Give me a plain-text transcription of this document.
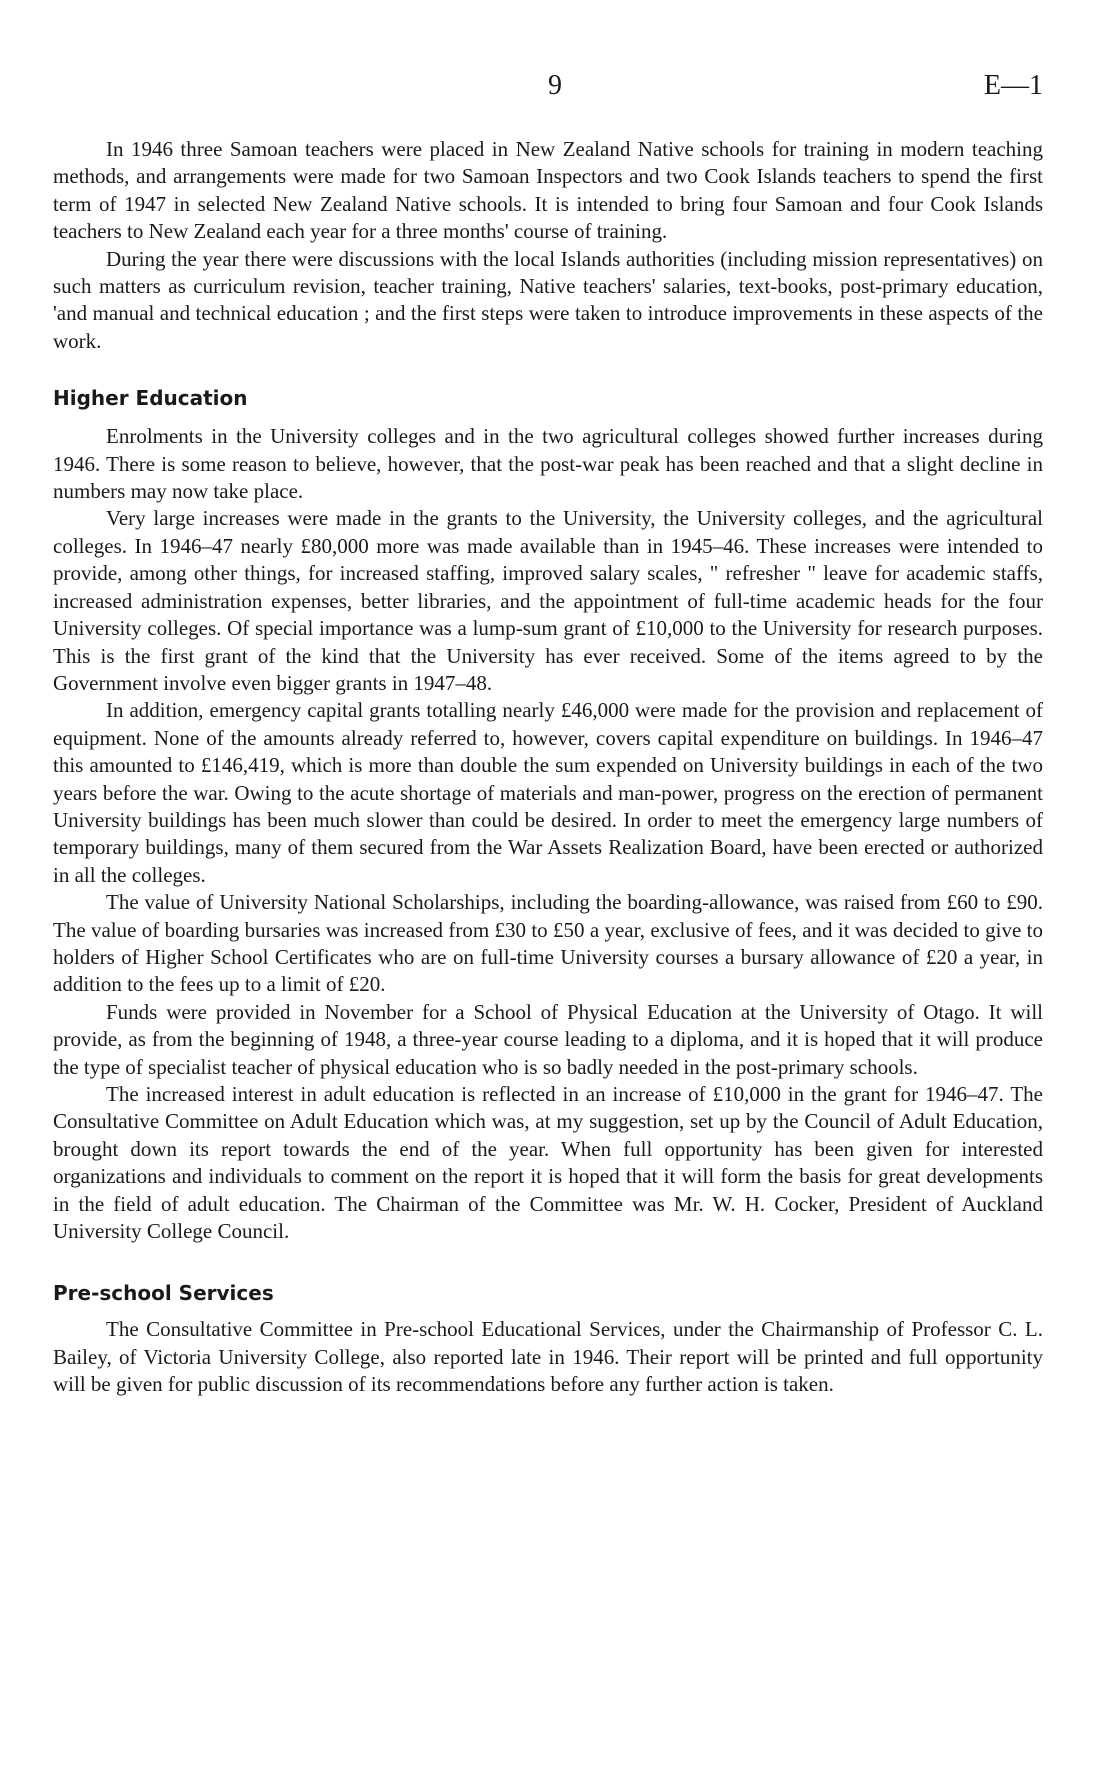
9	E—1

In 1946 three Samoan teachers were placed in New Zealand Native schools for training in modern teaching methods, and arrangements were made for two Samoan Inspectors and two Cook Islands teachers to spend the first term of 1947 in selected New Zealand Native schools. It is intended to bring four Samoan and four Cook Islands teachers to New Zealand each year for a three months' course of training.

During the year there were discussions with the local Islands authorities (including mission representatives) on such matters as curriculum revision, teacher training, Native teachers' salaries, text-books, post-primary education, 'and manual and technical education ; and the first steps were taken to introduce improvements in these aspects of the work.

Higher Education

Enrolments in the University colleges and in the two agricultural colleges showed further increases during 1946. There is some reason to believe, however, that the post-war peak has been reached and that a slight decline in numbers may now take place.

Very large increases were made in the grants to the University, the University colleges, and the agricultural colleges. In 1946–47 nearly £80,000 more was made available than in 1945–46. These increases were intended to provide, among other things, for increased staffing, improved salary scales, " refresher " leave for academic staffs, increased administration expenses, better libraries, and the appointment of full-time academic heads for the four University colleges. Of special importance was a lump-sum grant of £10,000 to the University for research purposes. This is the first grant of the kind that the University has ever received. Some of the items agreed to by the Government involve even bigger grants in 1947–48.

In addition, emergency capital grants totalling nearly £46,000 were made for the provision and replacement of equipment. None of the amounts already referred to, however, covers capital expenditure on buildings. In 1946–47 this amounted to £146,419, which is more than double the sum expended on University buildings in each of the two years before the war. Owing to the acute shortage of materials and man-power, progress on the erection of permanent University buildings has been much slower than could be desired. In order to meet the emergency large numbers of temporary buildings, many of them secured from the War Assets Realization Board, have been erected or authorized in all the colleges.

The value of University National Scholarships, including the boarding-allowance, was raised from £60 to £90. The value of boarding bursaries was increased from £30 to £50 a year, exclusive of fees, and it was decided to give to holders of Higher School Certificates who are on full-time University courses a bursary allowance of £20 a year, in addition to the fees up to a limit of £20.

Funds were provided in November for a School of Physical Education at the University of Otago. It will provide, as from the beginning of 1948, a three-year course leading to a diploma, and it is hoped that it will produce the type of specialist teacher of physical education who is so badly needed in the post-primary schools.

The increased interest in adult education is reflected in an increase of £10,000 in the grant for 1946–47. The Consultative Committee on Adult Education which was, at my suggestion, set up by the Council of Adult Education, brought down its report towards the end of the year. When full opportunity has been given for interested organizations and individuals to comment on the report it is hoped that it will form the basis for great developments in the field of adult education. The Chairman of the Committee was Mr. W. H. Cocker, President of Auckland University College Council.

Pre-school Services

The Consultative Committee in Pre-school Educational Services, under the Chairmanship of Professor C. L. Bailey, of Victoria University College, also reported late in 1946. Their report will be printed and full opportunity will be given for public discussion of its recommendations before any further action is taken.
